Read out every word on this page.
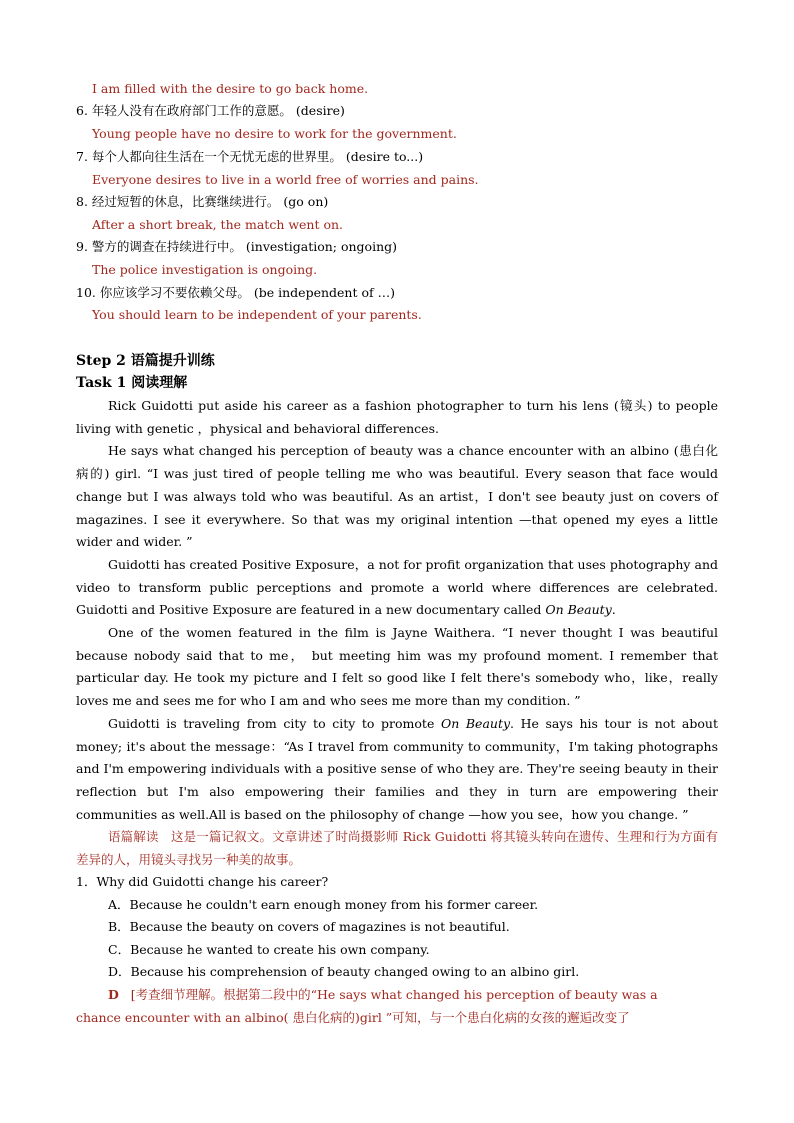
I am filled with the desire to go back home.
6. 年轻人没有在政府部门工作的意愿。 (desire)
Young people have no desire to work for the government.
7. 每个人都向往生活在一个无忧无虑的世界里。 (desire to...)
Everyone desires to live in a world free of worries and pains.
8. 经过短暂的休息，比赛继续进行。 (go on)
After a short break, the match went on.
9. 警方的调查在持续进行中。 (investigation; ongoing)
The police investigation is ongoing.
10. 你应该学习不要依赖父母。 (be independent of …)
You should learn to be independent of your parents.
Step 2 语篇提升训练
Task 1 阅读理解

Rick Guidotti put aside his career as a fashion photographer to turn his lens (镜头) to people living with genetic ，physical and behavioral differences.

He says what changed his perception of beauty was a chance encounter with an albino (患白化病的) girl. “I was just tired of people telling me who was beautiful. Every season that face would change but I was always told who was beautiful. As an artist，I don't see beauty just on covers of magazines. I see it everywhere. So that was my original intention —that opened my eyes a little wider and wider. ”

Guidotti has created Positive Exposure，a not for profit organization that uses photography and video to transform public perceptions and promote a world where differences are celebrated. Guidotti and Positive Exposure are featured in a new documentary called On Beauty.

One of the women featured in the film is Jayne Waithera. “I never thought I was beautiful because nobody said that to me， but meeting him was my profound moment. I remember that particular day. He took my picture and I felt so good like I felt there's somebody who，like，really loves me and sees me for who I am and who sees me more than my condition. ”

Guidotti is traveling from city to city to promote On Beauty. He says his tour is not about money; it's about the message：“As I travel from community to community，I'm taking photographs and I'm empowering individuals with a positive sense of who they are. They're seeing beauty in their reflection but I'm also empowering their families and they in turn are empowering their communities as well.All is based on the philosophy of change —how you see，how you change. ”

语篇解读 这是一篇记叙文。文章讲述了时尚摄影师 Rick Guidotti 将其镜头转向在遗传、生理和行为方面有差异的人，用镜头寻找另一种美的故事。

1．Why did Guidotti change his career?
A．Because he couldn't earn enough money from his former career.
B．Because the beauty on covers of magazines is not beautiful.
C．Because he wanted to create his own company.
D．Because his comprehension of beauty changed owing to an albino girl.
D [考查细节理解。根据第二段中的“He says what changed his perception of beauty was a
chance encounter with an albino( 患白化病的)girl ”可知，与一个患白化病的女孩的邂逅改变了
